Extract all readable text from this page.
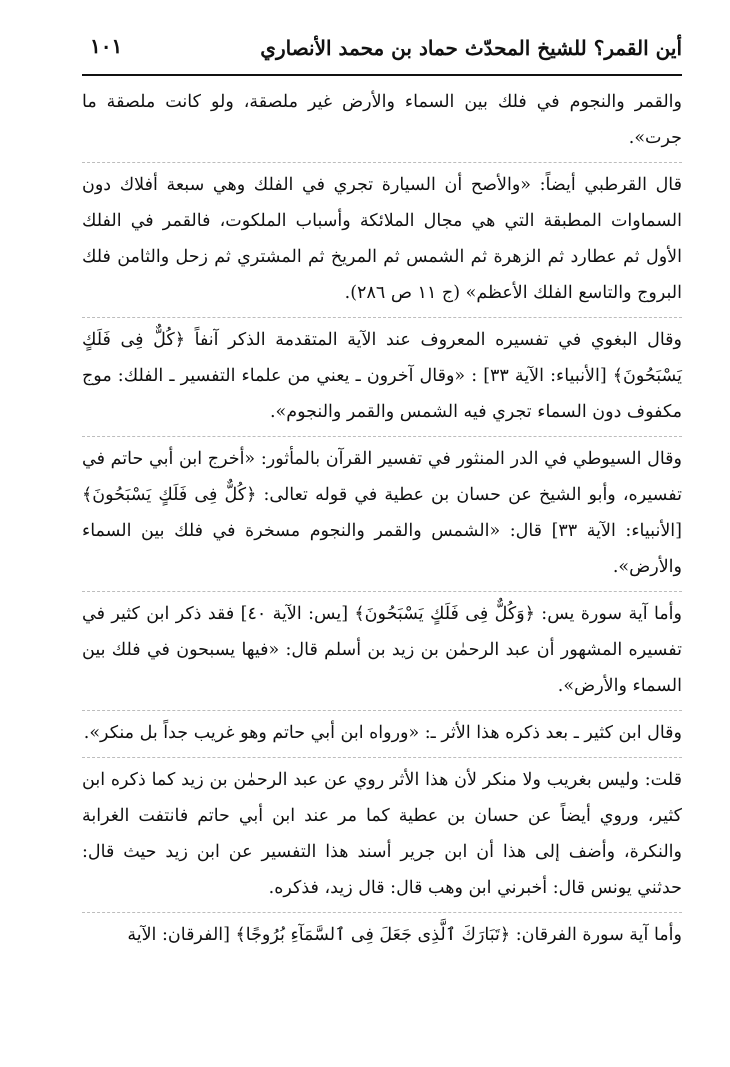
أين القمر؟ للشيخ المحدّث حماد بن محمد الأنصاري
١٠١

والقمر والنجوم في فلك بين السماء والأرض غير ملصقة، ولو كانت ملصقة ما جرت».

قال القرطبي أيضاً: «والأصح أن السيارة تجري في الفلك وهي سبعة أفلاك دون السماوات المطبقة التي هي مجال الملائكة وأسباب الملكوت، فالقمر في الفلك الأول ثم عطارد ثم الزهرة ثم الشمس ثم المريخ ثم المشتري ثم زحل والثامن فلك البروج والتاسع الفلك الأعظم» (ج ١١ ص ٢٨٦).

وقال البغوي في تفسيره المعروف عند الآية المتقدمة الذكر آنفاً ﴿كُلٌّ فِى فَلَكٍ يَسْبَحُونَ﴾ [الأنبياء: الآية ٣٣] : «وقال آخرون ـ يعني من علماء التفسير ـ الفلك: موج مكفوف دون السماء تجري فيه الشمس والقمر والنجوم».

وقال السيوطي في الدر المنثور في تفسير القرآن بالمأثور: «أخرج ابن أبي حاتم في تفسيره، وأبو الشيخ عن حسان بن عطية في قوله تعالى: ﴿كُلٌّ فِى فَلَكٍ يَسْبَحُونَ﴾ [الأنبياء: الآية ٣٣] قال: «الشمس والقمر والنجوم مسخرة في فلك بين السماء والأرض».

وأما آية سورة يس: ﴿وَكُلٌّ فِى فَلَكٍ يَسْبَحُونَ﴾ [يس: الآية ٤٠] فقد ذكر ابن كثير في تفسيره المشهور أن عبد الرحمٰن بن زيد بن أسلم قال: «فيها يسبحون في فلك بين السماء والأرض».

وقال ابن كثير ـ بعد ذكره هذا الأثر ـ: «ورواه ابن أبي حاتم وهو غريب جداً بل منكر».

قلت: وليس بغريب ولا منكر لأن هذا الأثر روي عن عبد الرحمٰن بن زيد كما ذكره ابن كثير، وروي أيضاً عن حسان بن عطية كما مر عند ابن أبي حاتم فانتفت الغرابة والنكرة، وأضف إلى هذا أن ابن جرير أسند هذا التفسير عن ابن زيد حيث قال: حدثني يونس قال: أخبرني ابن وهب قال: قال زيد، فذكره.

وأما آية سورة الفرقان: ﴿تَبَارَكَ ٱلَّذِى جَعَلَ فِى ٱلسَّمَآءِ بُرُوجًا﴾ [الفرقان: الآية
